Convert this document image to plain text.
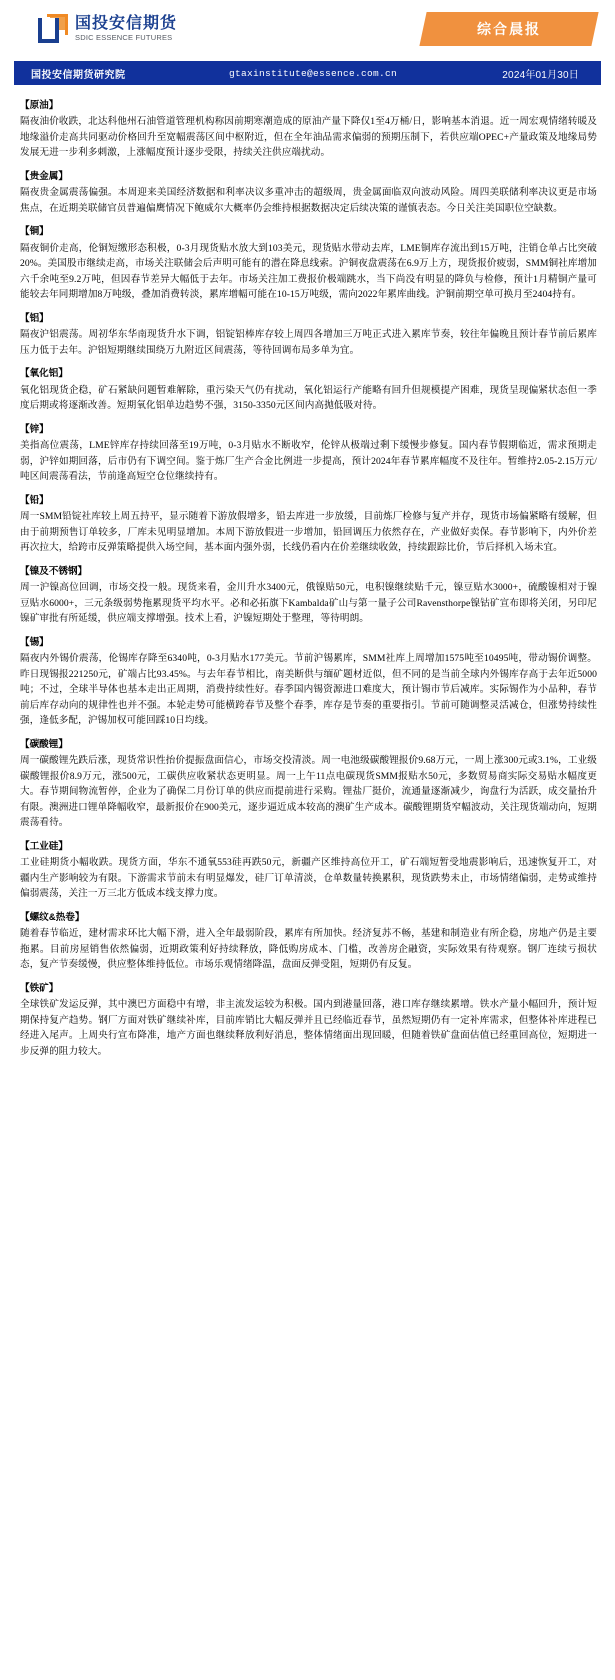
国投安信期货
SDIC ESSENCE FUTURES
综合晨报
国投安信期货研究院	gtaxinstitute@essence.com.cn	2024年01月30日
【原油】
隔夜油价收跌，北达科他州石油管道管理机构称因前期寒潮造成的原油产量下降仅1至4万桶/日，影响基本消退。近一周宏观情绪转暖及地缘溢价走高共同驱动价格回升至宽幅震荡区间中枢附近，但在全年油品需求偏弱的预期压制下，若供应端OPEC+产量政策及地缘局势发展无进一步利多刺激，上涨幅度预计逐步受限，持续关注供应端扰动。
【贵金属】
隔夜贵金属震荡偏强。本周迎来美国经济数据和利率决议多重冲击的超级周，贵金属面临双向波动风险。周四美联储利率决议更是市场焦点，在近期美联储官员普遍偏鹰情况下鲍威尔大概率仍会维持根据数据决定后续决策的谨慎表态。今日关注美国职位空缺数。
【铜】
隔夜铜价走高，伦铜短缴形态积极，0-3月现货贴水放大到103美元，现货贴水带动去库，LME铜库存流出到15万吨，注销仓单占比突破20%。美国股市继续走高，市场关注联储会后声明可能有的潜在降息线索。沪铜夜盘震荡在6.9万上方，现货报价疲弱，SMM铜社库增加六千余吨至9.2万吨，但因春节差异大幅低于去年。市场关注加工费报价极端跳水，当下尚没有明显的降负与检修，预计1月精铜产量可能较去年同期增加8万吨级，叠加消费转淡，累库增幅可能在10-15万吨级，需向2022年累库曲线。沪铜前期空单可换月至2404持有。
【铝】
隔夜沪铝震荡。周初华东华南现货升水下调，铝锭铝棒库存较上周四各增加三万吨正式进入累库节奏，较往年偏晚且预计春节前后累库压力低于去年。沪铝短期继续围绕万九附近区间震荡，等待回调布局多单为宜。
【氧化铝】
氧化铝现货企稳，矿石紧缺问题暂难解除，重污染天气仍有扰动，氧化铝运行产能略有回升但规模提产困难，现货呈现偏紧状态但一季度后期或将逐渐改善。短期氧化铝单边趋势不强，3150-3350元区间内高抛低吸对待。
【锌】
美指高位震荡，LME锌库存持续回落至19万吨，0-3月贴水不断收窄，伦锌从极端过剩下缓慢步修复。国内春节假期临近，需求预期走弱，沪锌如期回落，后市仍有下调空间。鉴于炼厂生产合金比例进一步提高，预计2024年春节累库幅度不及往年。暂维持2.05-2.15万元/吨区间震荡看法，节前逢高短空仓位继续持有。
【铅】
周一SMM铅锭社库较上周五持平，显示随着下游放假增多，铅去库进一步放缓，目前炼厂检修与复产并存，现货市场偏紧略有缓解，但由于前期预售订单较多，厂库未见明显增加。本周下游放假进一步增加，铅回调压力依然存在，产业做好卖保。春节影响下，内外价差再次拉大，给跨市反弹策略提供入场空间，基本面内强外弱，长线仍看内在价差继续收敛，持续跟踪比价，节后择机入场未宜。
【镍及不锈钢】
周一沪镍高位回调，市场交投一般。现货来看，金川升水3400元，俄镍贴50元，电积镍继续贴千元，镍豆贴水3000+，硫酸镍相对于镍豆贴水6000+，三元条级弱势拖累现货平均水平。必和必拓旗下Kambalda矿山与第一量子公司Ravensthorpe镍钴矿宣布即将关闭，另印尼镍矿审批有所延缓，供应端支撑增强。技术上看，沪镍短期处于整理，等待明朗。
【锡】
隔夜内外锡价震荡，伦锡库存降至6340吨，0-3月贴水177美元。节前沪锡累库，SMM社库上周增加1575吨至10495吨，带动锡价调整。昨日现锡报221250元，矿端占比93.45%。与去年春节相比，南美断供与缅矿题材近似，但不同的是当前全球内外锡库存高于去年近5000吨；不过，全球半导体也基本走出正周期，消费持续性好。春季国内锡资源进口难度大，预计锡市节后减库。实际锡作为小品种，春节前后库存动向的规律性也并不强。本轮走势可能横跨春节及整个春季，库存是节奏的重要指引。节前可随调整灵活减仓，但涨势持续性强，逢低多配，沪锡加权可能回踩10日均线。
【碳酸锂】
周一碳酸锂先跌后涨，现货常识性抬价提振盘面信心，市场交投清淡。周一电池级碳酸锂报价9.68万元，一周上涨300元或3.1%，工业级碳酸锂报价8.9万元，涨500元，工碳供应收紧状态更明显。周一上午11点电碳现货SMM报贴水50元，多数贸易商实际交易贴水幅度更大。春节期间物流暂停，企业为了确保二月份订单的供应而提前进行采购。锂盐厂挺价，流通量逐渐减少，询盘行为活跃，成交量抬升有限。澳洲进口锂单降幅收窄，最新报价在900美元，逐步逼近成本较高的澳矿生产成本。碳酸锂期货窄幅波动，关注现货端动向，短期震荡看待。
【工业硅】
工业硅期货小幅收跌。现货方面，华东不通氧553硅再跌50元，新疆产区维持高位开工，矿石端短暂受地震影响后，迅速恢复开工，对疆内生产影响较为有限。下游需求节前未有明显爆发，硅厂订单清淡，仓单数量转换累积，现货跌势未止，市场情绪偏弱，走势或维持偏弱震荡，关注一万三北方低成本线支撑力度。
【螺纹&热卷】
随着春节临近，建材需求环比大幅下滑，进入全年最弱阶段，累库有所加快。经济复苏不畅，基建和制造业有所企稳，房地产仍是主要拖累。目前房屋销售依然偏弱，近期政策利好持续释放，降低购房成本、门槛，改善房企融资，实际效果有待观察。钢厂连续亏损状态，复产节奏缓慢，供应整体维持低位。市场乐观情绪降温，盘面反弹受阻，短期仍有反复。
【铁矿】
全球铁矿发运反弹，其中澳巴方面稳中有增，非主流发运较为积极。国内到港量回落，港口库存继续累增。铁水产量小幅回升，预计短期保持复产趋势。钢厂方面对铁矿继续补库，目前库销比大幅反弹并且已经临近春节，虽然短期仍有一定补库需求，但整体补库进程已经进入尾声。上周央行宣布降准，地产方面也继续释放利好消息，整体情绪面出现回暖，但随着铁矿盘面估值已经重回高位，短期进一步反弹的阻力较大。
